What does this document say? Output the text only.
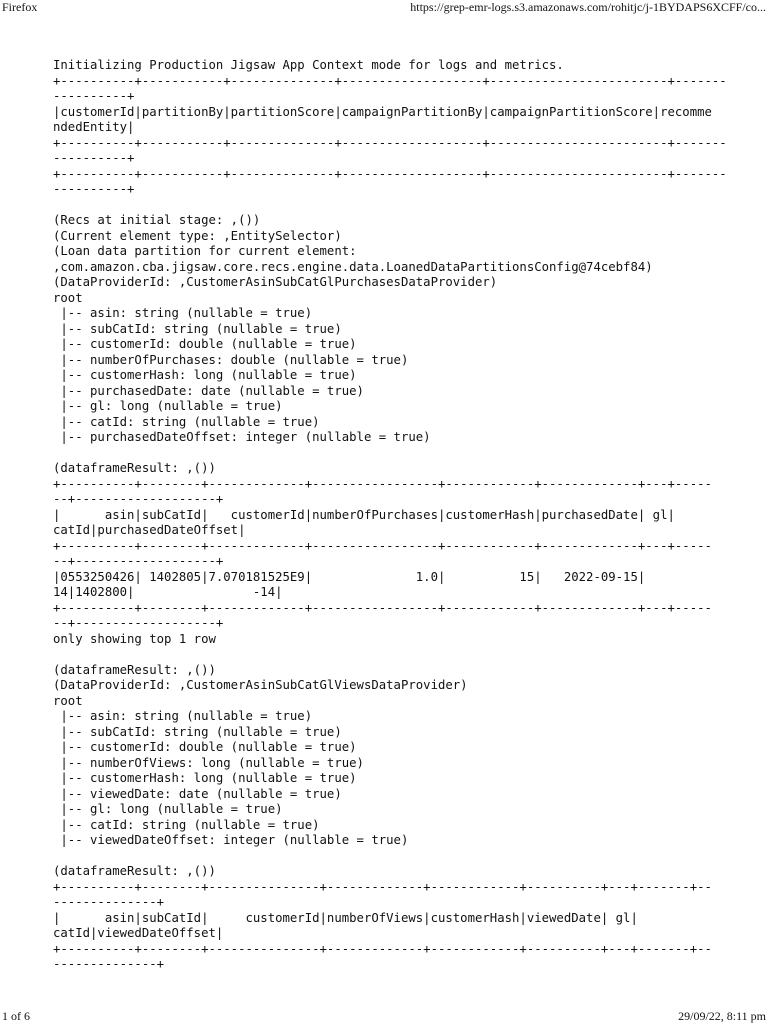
Firefox	https://grep-emr-logs.s3.amazonaws.com/rohitjc/j-1BYDAPS6XCFF/co...
Initializing Production Jigsaw App Context mode for logs and metrics.
+----------+-----------+--------------+-------------------+------------------------+-------
----------+
|customerId|partitionBy|partitionScore|campaignPartitionBy|campaignPartitionScore|recomme
ndedEntity|
+----------+-----------+--------------+-------------------+------------------------+-------
----------+
+----------+-----------+--------------+-------------------+------------------------+-------
----------+
(Recs at initial stage: ,())
(Current element type: ,EntitySelector)
(Loan data partition for current element:
,com.amazon.cba.jigsaw.core.recs.engine.data.LoanedDataPartitionsConfig@74cebf84)
(DataProviderId: ,CustomerAsinSubCatGlPurchasesDataProvider)
root
|-- asin: string (nullable = true)
|-- subCatId: string (nullable = true)
|-- customerId: double (nullable = true)
|-- numberOfPurchases: double (nullable = true)
|-- customerHash: long (nullable = true)
|-- purchasedDate: date (nullable = true)
|-- gl: long (nullable = true)
|-- catId: string (nullable = true)
|-- purchasedDateOffset: integer (nullable = true)
(dataframeResult: ,())
+----------+--------+-------------+-----------------+------------+-------------+---+-----
--+-------------------+
|      asin|subCatId|   customerId|numberOfPurchases|customerHash|purchasedDate| gl|
catId|purchasedDateOffset|
+----------+--------+-------------+-----------------+------------+-------------+---+-----
--+-------------------+
|0553250426| 1402805|7.070181525E9|              1.0|          15|   2022-09-15|
14|1402800|                -14|
+----------+--------+-------------+-----------------+------------+-------------+---+-----
--+-------------------+
only showing top 1 row
(dataframeResult: ,())
(DataProviderId: ,CustomerAsinSubCatGlViewsDataProvider)
root
|-- asin: string (nullable = true)
|-- subCatId: string (nullable = true)
|-- customerId: double (nullable = true)
|-- numberOfViews: long (nullable = true)
|-- customerHash: long (nullable = true)
|-- viewedDate: date (nullable = true)
|-- gl: long (nullable = true)
|-- catId: string (nullable = true)
|-- viewedDateOffset: integer (nullable = true)
(dataframeResult: ,())
+----------+--------+---------------+-------------+------------+----------+---+-------+--
--------------+
|      asin|subCatId|     customerId|numberOfViews|customerHash|viewedDate| gl|
catId|viewedDateOffset|
+----------+--------+---------------+-------------+------------+----------+---+-------+--
--------------+
1 of 6	29/09/22, 8:11 pm
